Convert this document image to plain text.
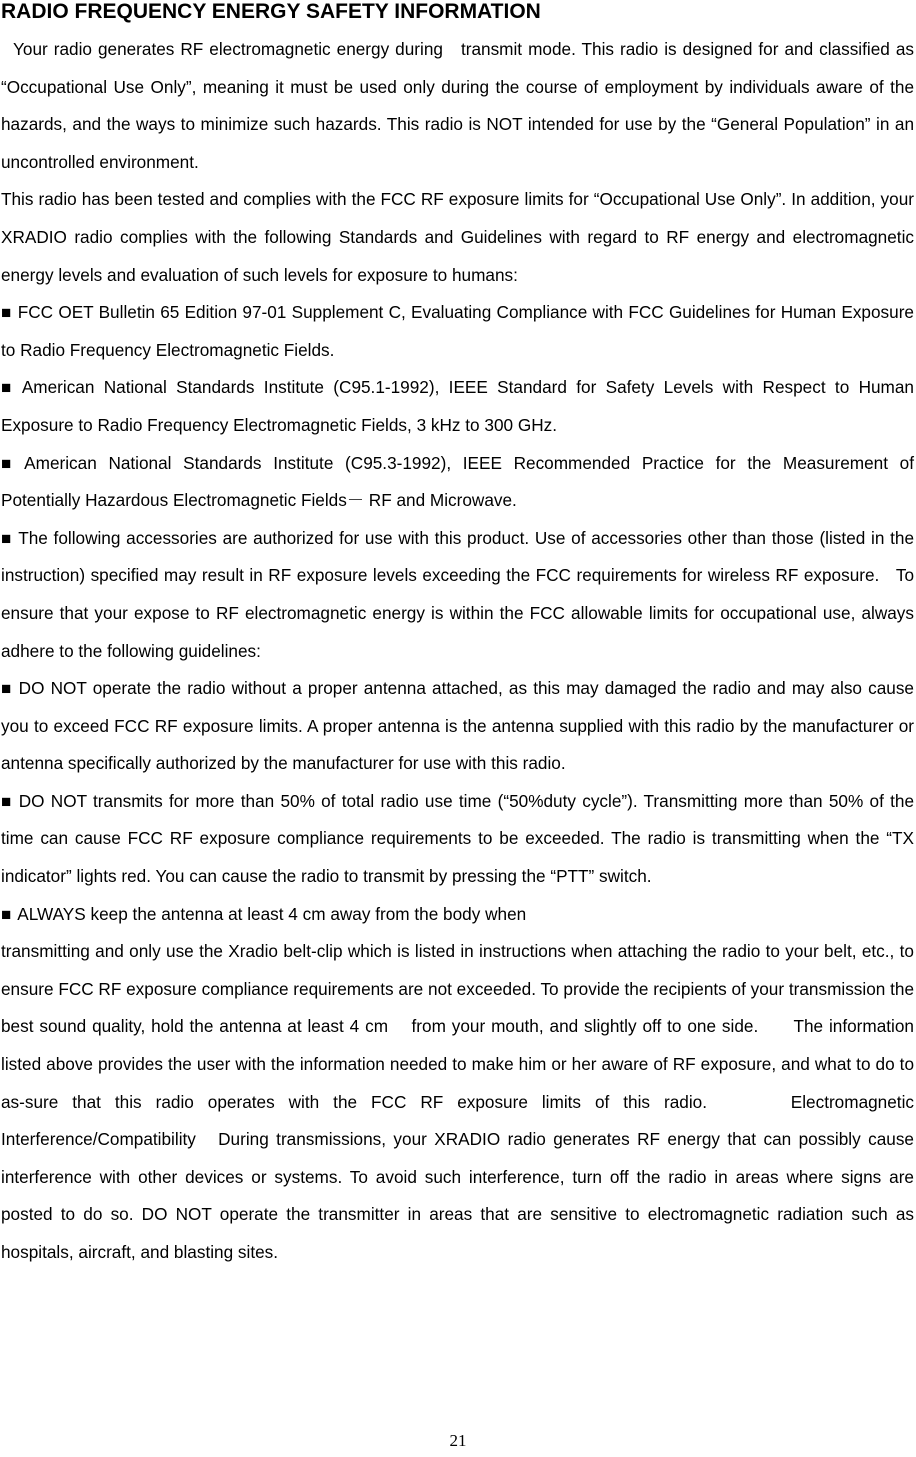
RADIO FREQUENCY ENERGY SAFETY INFORMATION

Your radio generates RF electromagnetic energy during   transmit mode. This radio is designed for and classified as “Occupational Use Only”, meaning it must be used only during the course of employment by individuals aware of the hazards, and the ways to minimize such hazards. This radio is NOT intended for use by the “General Population” in an uncontrolled environment.

This radio has been tested and complies with the FCC RF exposure limits for “Occupational Use Only”. In addition, your XRADIO radio complies with the following Standards and Guidelines with regard to RF energy and electromagnetic energy levels and evaluation of such levels for exposure to humans:

■ FCC OET Bulletin 65 Edition 97-01 Supplement C, Evaluating Compliance with FCC Guidelines for Human Exposure to Radio Frequency Electromagnetic Fields.

■ American National Standards Institute (C95.1-1992), IEEE Standard for Safety Levels with Respect to Human Exposure to Radio Frequency Electromagnetic Fields, 3 kHz to 300 GHz.

■ American National Standards Institute (C95.3-1992), IEEE Recommended Practice for the Measurement of Potentially Hazardous Electromagnetic Fields－ RF and Microwave.

■ The following accessories are authorized for use with this product. Use of accessories other than those (listed in the instruction) specified may result in RF exposure levels exceeding the FCC requirements for wireless RF exposure.   To ensure that your expose to RF electromagnetic energy is within the FCC allowable limits for occupational use, always adhere to the following guidelines:

■ DO NOT operate the radio without a proper antenna attached, as this may damaged the radio and may also cause you to exceed FCC RF exposure limits. A proper antenna is the antenna supplied with this radio by the manufacturer or antenna specifically authorized by the manufacturer for use with this radio.

■ DO NOT transmits for more than 50% of total radio use time (“50%duty cycle”). Transmitting more than 50% of the time can cause FCC RF exposure compliance requirements to be exceeded. The radio is transmitting when the “TX indicator” lights red. You can cause the radio to transmit by pressing the “PTT” switch.

■ ALWAYS keep the antenna at least 4 cm away from the body when

transmitting and only use the Xradio belt-clip which is listed in instructions when attaching the radio to your belt, etc., to ensure FCC RF exposure compliance requirements are not exceeded. To provide the recipients of your transmission the best sound quality, hold the antenna at least 4 cm    from your mouth, and slightly off to one side.      The information listed above provides the user with the information needed to make him or her aware of RF exposure, and what to do to as-sure that this radio operates with the FCC RF exposure limits of this radio.      Electromagnetic Interference/Compatibility   During transmissions, your XRADIO radio generates RF energy that can possibly cause interference with other devices or systems. To avoid such interference, turn off the radio in areas where signs are posted to do so. DO NOT operate the transmitter in areas that are sensitive to electromagnetic radiation such as hospitals, aircraft, and blasting sites.

21
